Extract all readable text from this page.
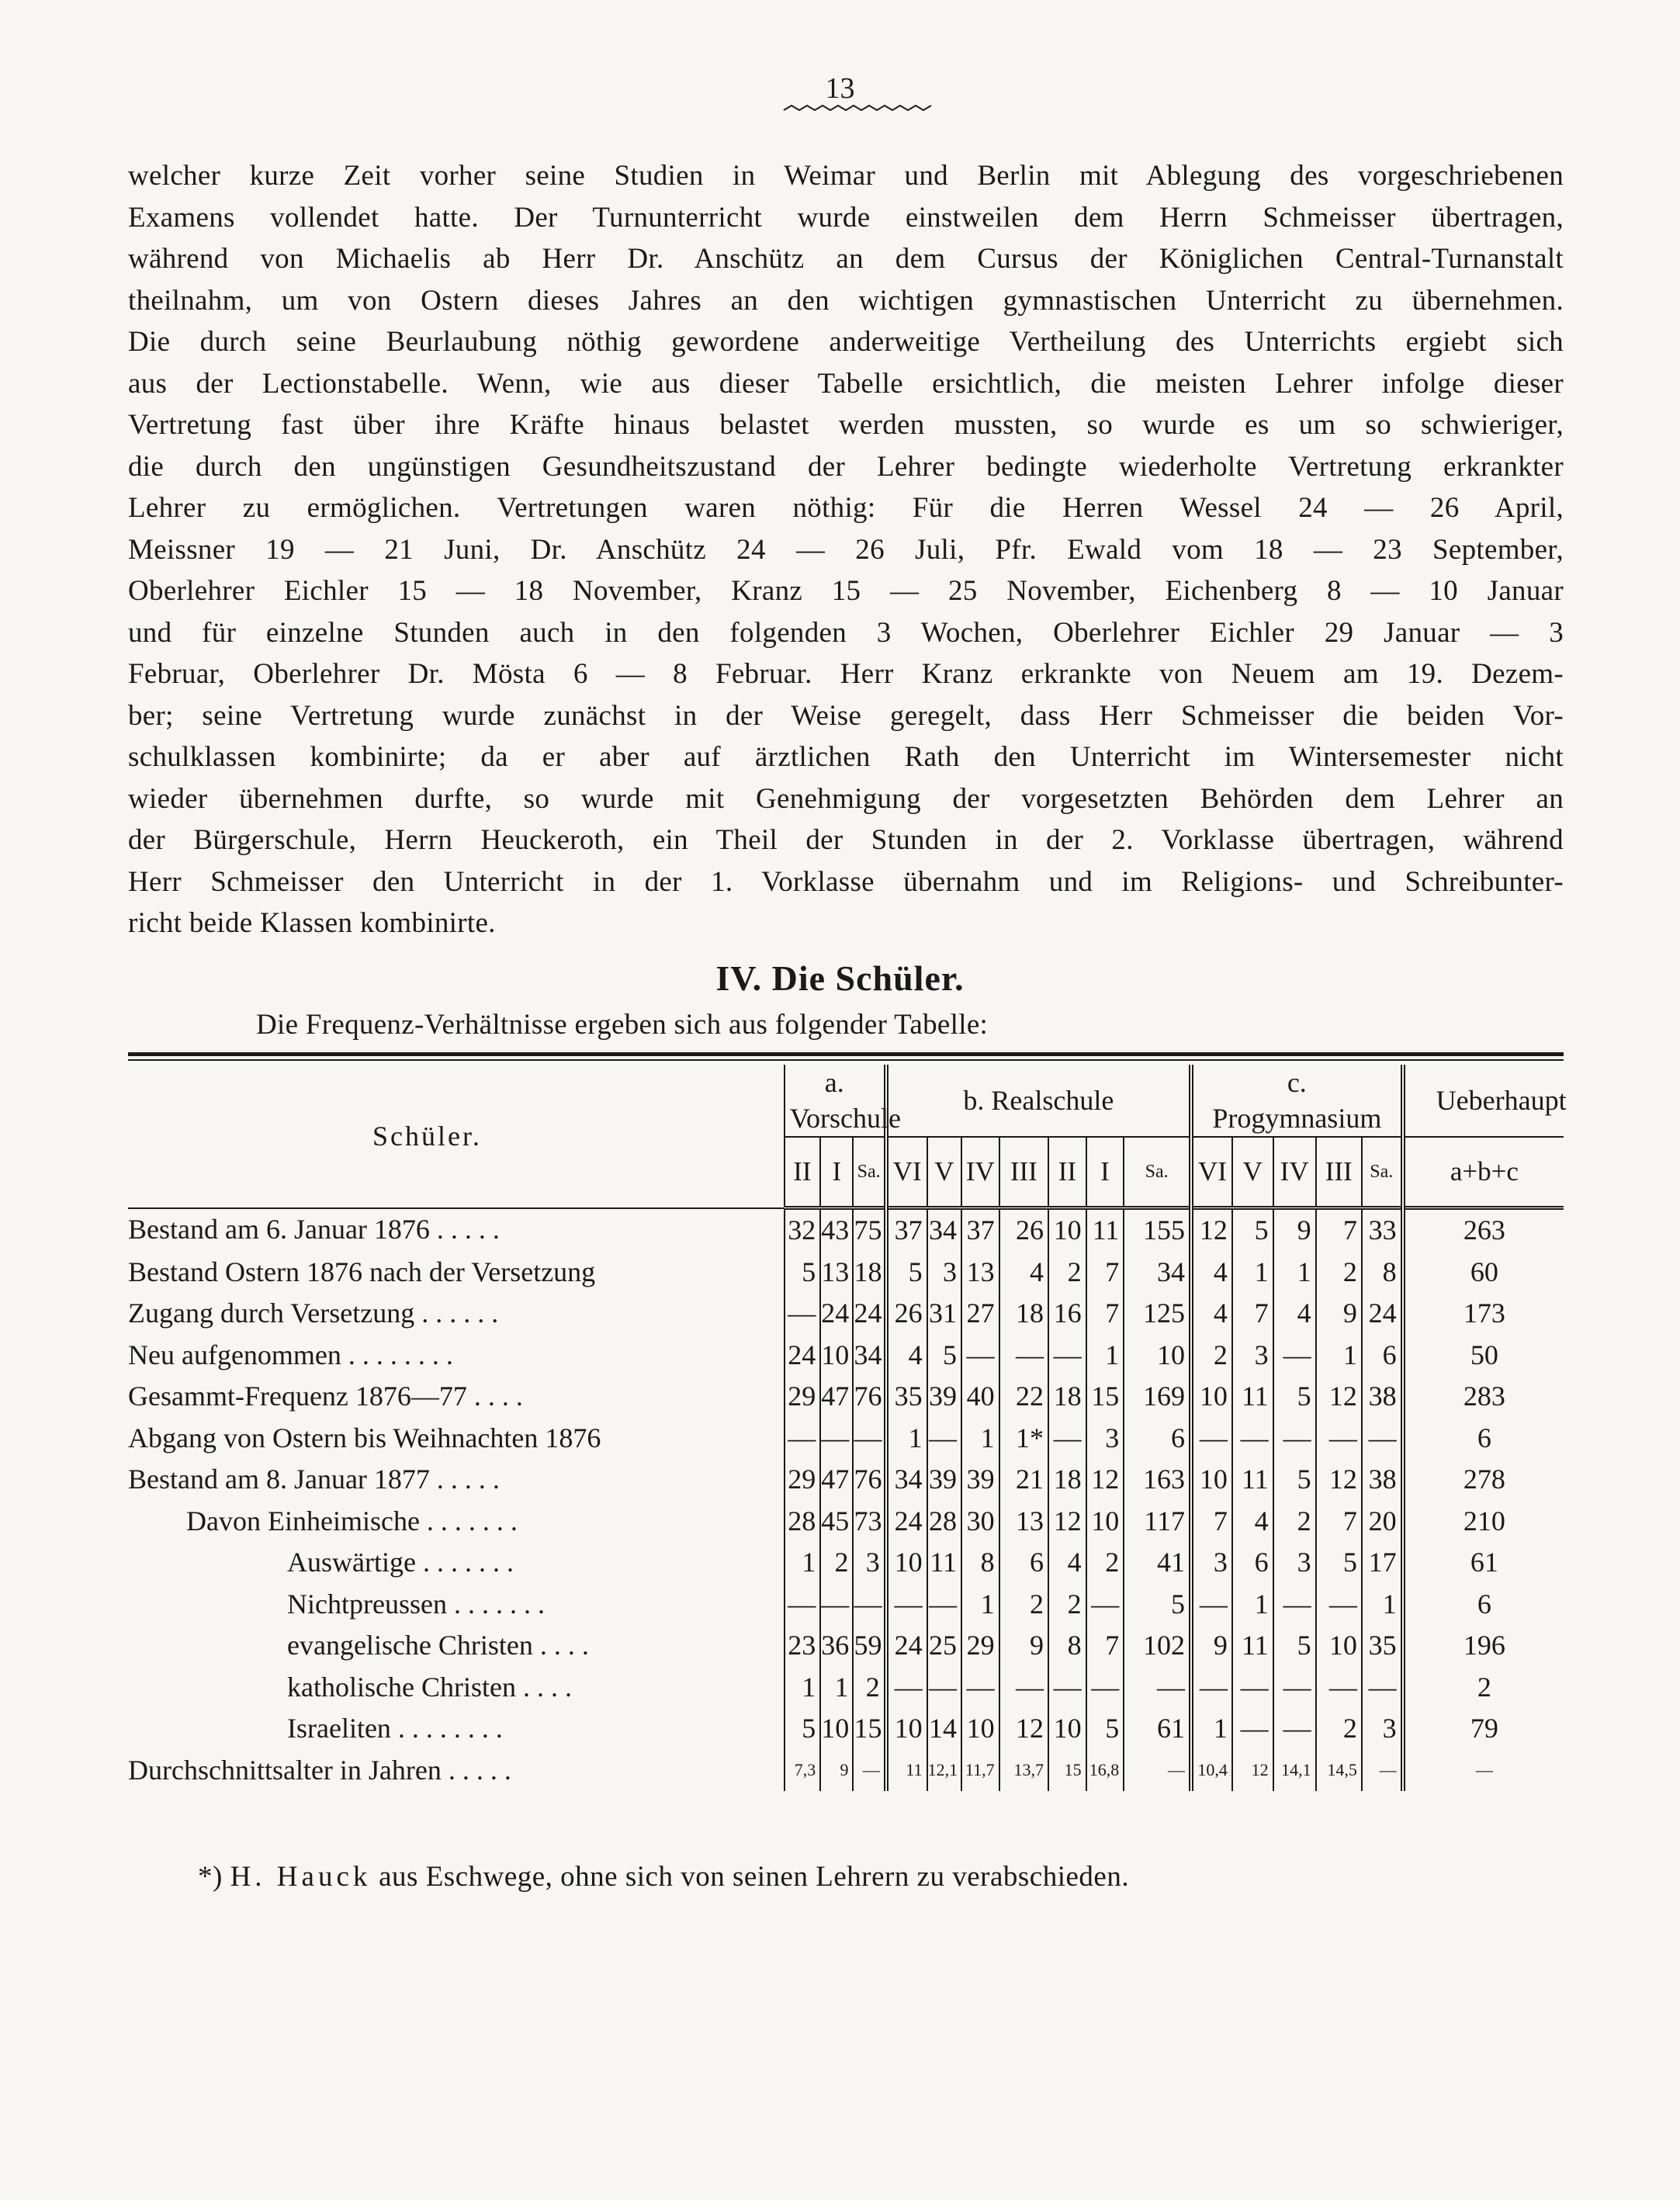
13
welcher kurze Zeit vorher seine Studien in Weimar und Berlin mit Ablegung des vorgeschriebenen
Examens vollendet hatte. Der Turnunterricht wurde einstweilen dem Herrn Schmeisser übertragen,
während von Michaelis ab Herr Dr. Anschütz an dem Cursus der Königlichen Central-Turnanstalt
theilnahm, um von Ostern dieses Jahres an den wichtigen gymnastischen Unterricht zu übernehmen.
Die durch seine Beurlaubung nöthig gewordene anderweitige Vertheilung des Unterrichts ergiebt sich
aus der Lectionstabelle. Wenn, wie aus dieser Tabelle ersichtlich, die meisten Lehrer infolge dieser
Vertretung fast über ihre Kräfte hinaus belastet werden mussten, so wurde es um so schwieriger,
die durch den ungünstigen Gesundheitszustand der Lehrer bedingte wiederholte Vertretung erkrankter
Lehrer zu ermöglichen. Vertretungen waren nöthig: Für die Herren Wessel 24 — 26 April,
Meissner 19 — 21 Juni, Dr. Anschütz 24 — 26 Juli, Pfr. Ewald vom 18 — 23 September,
Oberlehrer Eichler 15 — 18 November, Kranz 15 — 25 November, Eichenberg 8 — 10 Januar
und für einzelne Stunden auch in den folgenden 3 Wochen, Oberlehrer Eichler 29 Januar — 3
Februar, Oberlehrer Dr. Mösta 6 — 8 Februar. Herr Kranz erkrankte von Neuem am 19. Dezem-
ber; seine Vertretung wurde zunächst in der Weise geregelt, dass Herr Schmeisser die beiden Vor-
schulklassen kombinirte; da er aber auf ärztlichen Rath den Unterricht im Wintersemester nicht
wieder übernehmen durfte, so wurde mit Genehmigung der vorgesetzten Behörden dem Lehrer an
der Bürgerschule, Herrn Heuckeroth, ein Theil der Stunden in der 2. Vorklasse übertragen, während
Herr Schmeisser den Unterricht in der 1. Vorklasse übernahm und im Religions- und Schreibunter-
richt beide Klassen kombinirte.
IV. Die Schüler.
Die Frequenz-Verhältnisse ergeben sich aus folgender Tabelle:
Schüler.	a. Vorschule			b. Realschule							c. Progymnasium					Ueberhaupt
	II	I	Sa.	VI	V	IV	III	II	I	Sa.	VI	V	IV	III	Sa.	a+b+c
Bestand am 6. Januar 1876 . . . . .	32	43	75	37	34	37	26	10	11	155	12	5	9	7	33	263
Bestand Ostern 1876 nach der Versetzung	5	13	18	5	3	13	4	2	7	34	4	1	1	2	8	60
Zugang durch Versetzung . . . . . .	—	24	24	26	31	27	18	16	7	125	4	7	4	9	24	173
Neu aufgenommen . . . . . . . .	24	10	34	4	5	—	—	—	1	10	2	3	—	1	6	50
Gesammt-Frequenz 1876—77 . . . .	29	47	76	35	39	40	22	18	15	169	10	11	5	12	38	283
Abgang von Ostern bis Weihnachten 1876	—	—	—	1	—	1	1*	—	3	6	—	—	—	—	—	6
Bestand am 8. Januar 1877 . . . . .	29	47	76	34	39	39	21	18	12	163	10	11	5	12	38	278
Davon Einheimische . . . . . . .	28	45	73	24	28	30	13	12	10	117	7	4	2	7	20	210
Auswärtige . . . . . . .	1	2	3	10	11	8	6	4	2	41	3	6	3	5	17	61
Nichtpreussen . . . . . . .	—	—	—	—	—	1	2	2	—	5	—	1	—	—	1	6
evangelische Christen . . . .	23	36	59	24	25	29	9	8	7	102	9	11	5	10	35	196
katholische Christen . . . .	1	1	2	—	—	—	—	—	—	—	—	—	—	—	—	2
Israeliten . . . . . . . .	5	10	15	10	14	10	12	10	5	61	1	—	—	2	3	79
Durchschnittsalter in Jahren . . . . .	7,3	9	—	11	12,1	11,7	13,7	15	16,8	—	10,4	12	14,1	14,5	—	—
*) H. Hauck aus Eschwege, ohne sich von seinen Lehrern zu verabschieden.
